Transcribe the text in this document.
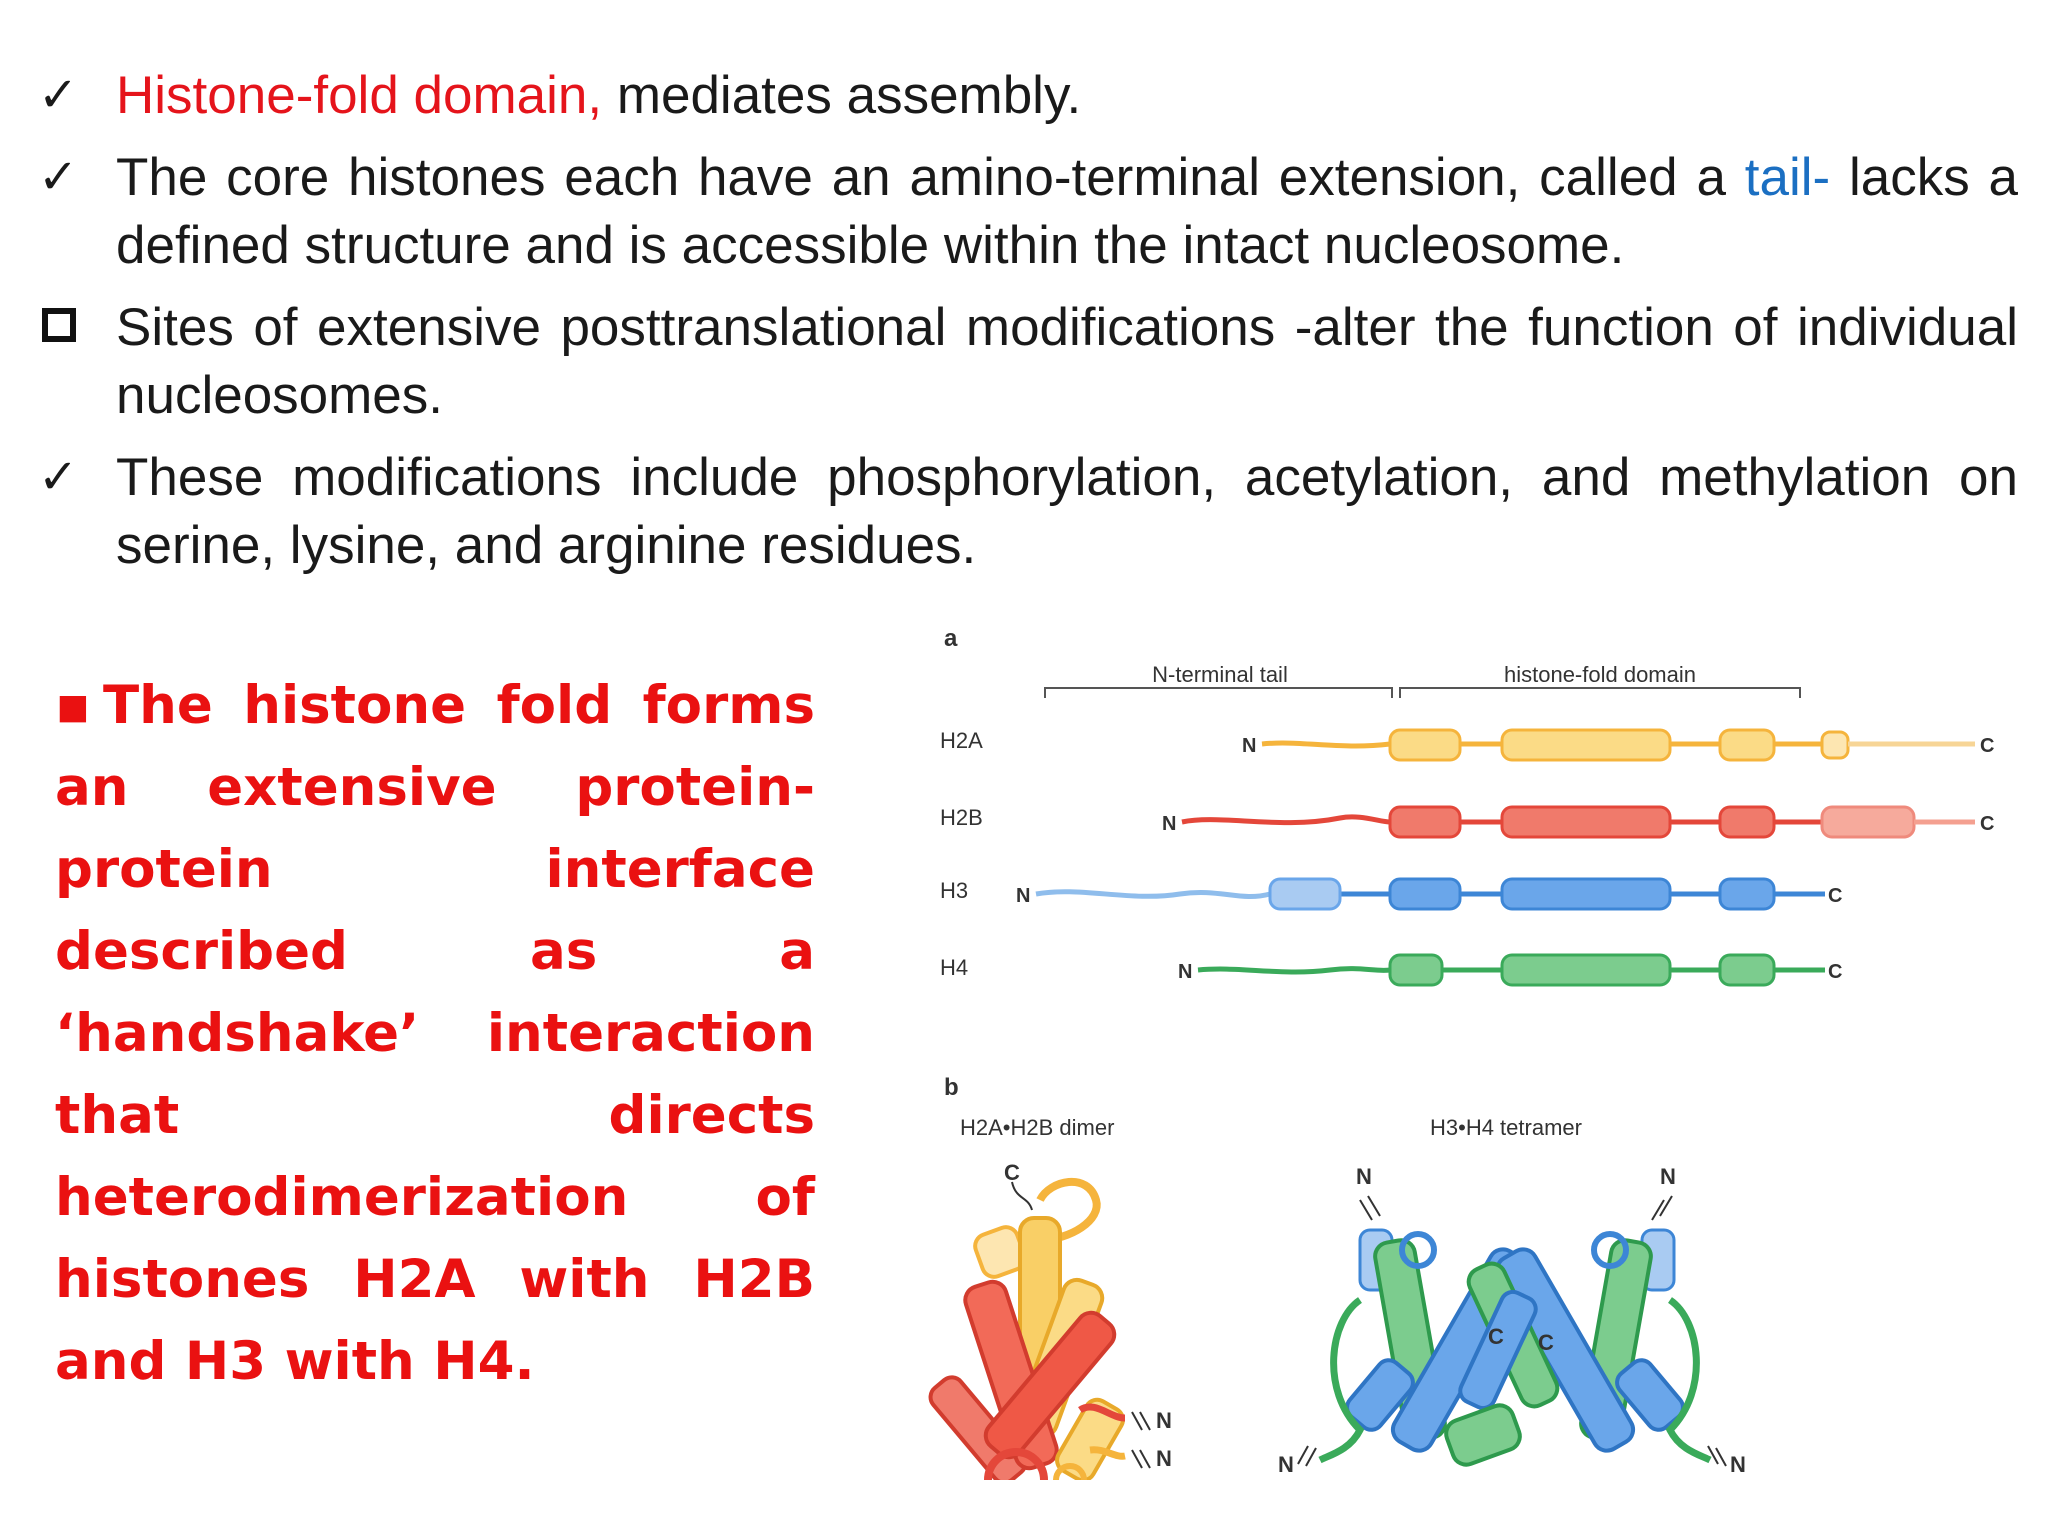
✓ Histone-fold domain, mediates assembly.
✓ The core histones each have an amino-terminal extension, called a tail- lacks a defined structure and is accessible within the intact nucleosome.
Sites of extensive posttranslational modifications -alter the function of individual nucleosomes.
✓ These modifications include phosphorylation, acetylation, and methylation on serine, lysine, and arginine residues.
▪The histone fold forms an extensive protein-protein interface described as a ‘handshake’ interaction that directs heterodimerization of histones H2A with H2B and H3 with H4.
a
N-terminal tail	histone-fold domain
H2A	N	C
H2B	N	C
H3 N	C
H4	N	C
b
H2A•H2B dimer	H3•H4 tetramer
C
N
N
N	N
C C
N	N
